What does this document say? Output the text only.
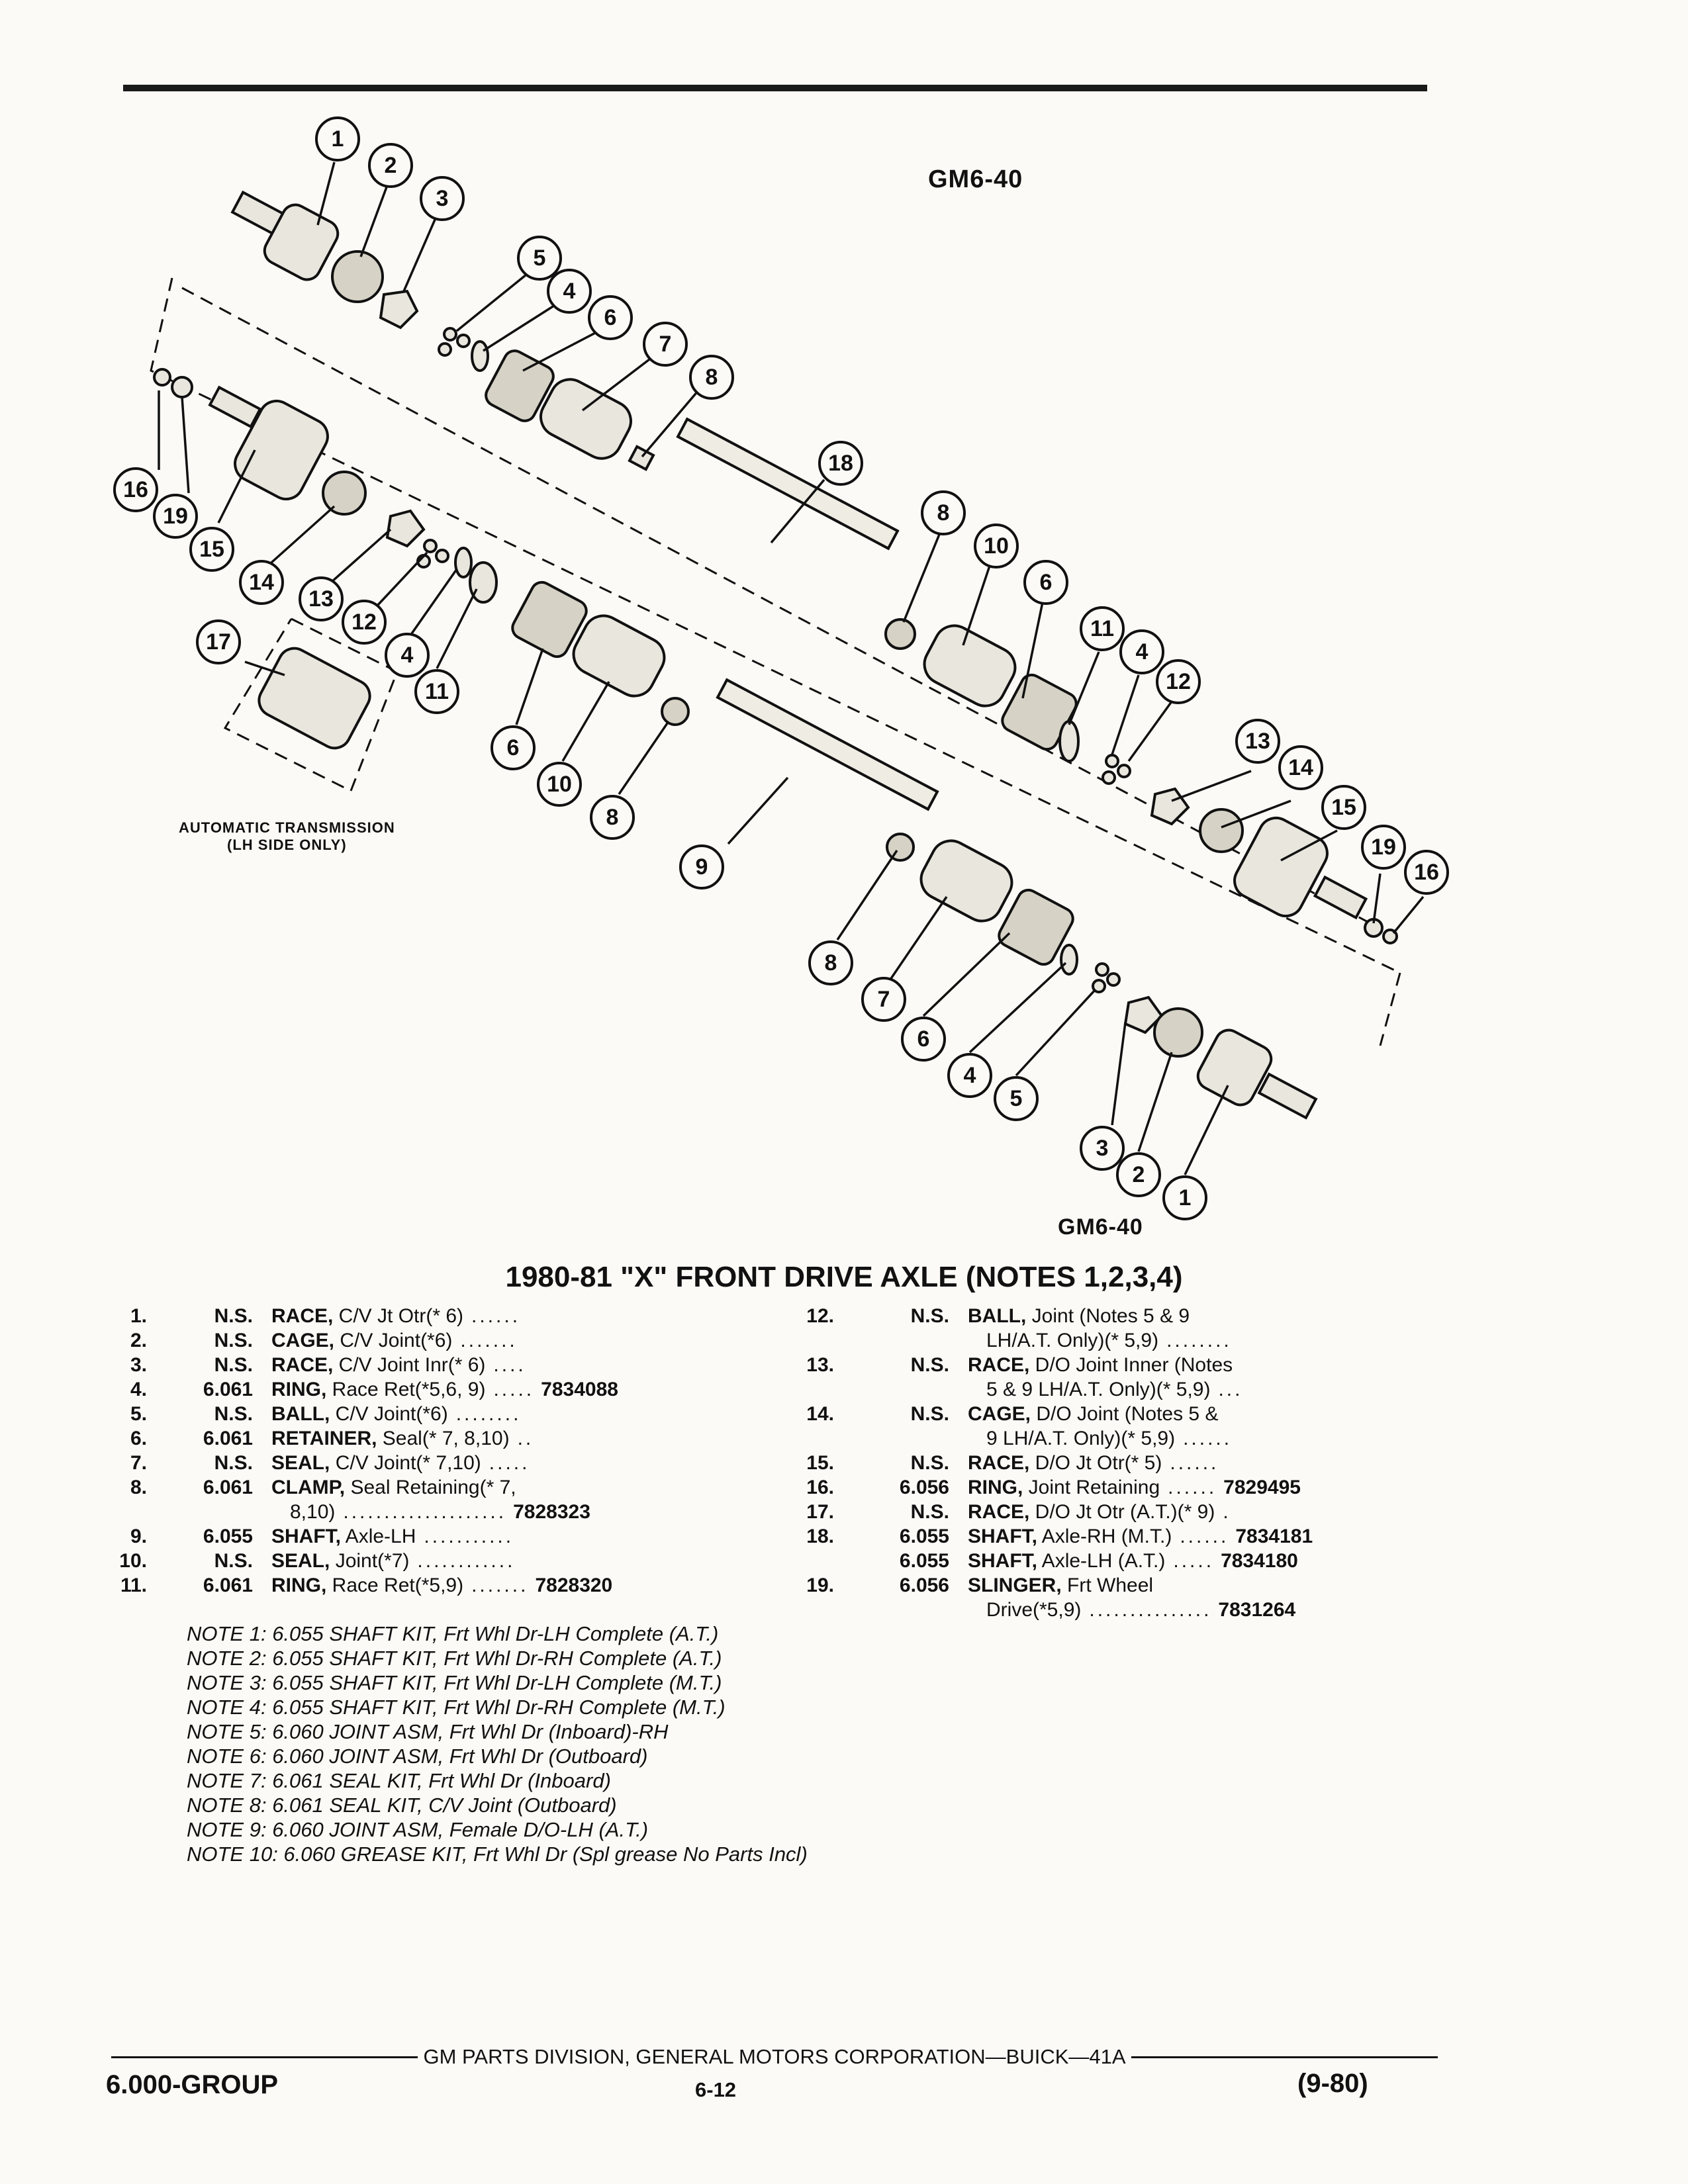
GM6-40
GM6-40
1
2
3
5
4
6
7
8
18
16
19
15
14
13
12
4
11
17
6
10
8
9
8
10
6
11
4
12
13
14
15
19
16
8
7
6
4
5
3
2
1
AUTOMATIC TRANSMISSION
(LH SIDE ONLY)
1980-81 "X" FRONT DRIVE AXLE (NOTES 1,2,3,4)
1.	N.S. RACE, C/V Jt Otr(* 6) ......
2.	N.S. CAGE, C/V Joint(*6) .......
3.	N.S. RACE, C/V Joint Inr(* 6) ....
4.	6.061 RING, Race Ret(*5,6, 9) ..... 7834088
5.	N.S. BALL, C/V Joint(*6) ........
6.	6.061 RETAINER, Seal(* 7, 8,10) ..
7.	N.S. SEAL, C/V Joint(* 7,10) .....
8.	6.061 CLAMP, Seal Retaining(* 7,
8,10) .................... 7828323
9.	6.055 SHAFT, Axle-LH ...........
10.	N.S. SEAL, Joint(*7) ............
11.	6.061 RING, Race Ret(*5,9) ....... 7828320
12.	N.S. BALL, Joint (Notes 5 & 9
LH/A.T. Only)(* 5,9) ........
13.	N.S. RACE, D/O Joint Inner (Notes
5 & 9 LH/A.T. Only)(* 5,9) ...
14.	N.S. CAGE, D/O Joint (Notes 5 &
9 LH/A.T. Only)(* 5,9) ......
15.	N.S. RACE, D/O Jt Otr(* 5) ......
16.	6.056 RING, Joint Retaining ...... 7829495
17.	N.S. RACE, D/O Jt Otr (A.T.)(* 9) .
18.	6.055 SHAFT, Axle-RH (M.T.) ...... 7834181
6.055 SHAFT, Axle-LH (A.T.) ..... 7834180
19.	6.056 SLINGER, Frt Wheel
Drive(*5,9) ............... 7831264
NOTE 1: 6.055 SHAFT KIT, Frt Whl Dr-LH Complete (A.T.)
NOTE 2: 6.055 SHAFT KIT, Frt Whl Dr-RH Complete (A.T.)
NOTE 3: 6.055 SHAFT KIT, Frt Whl Dr-LH Complete (M.T.)
NOTE 4: 6.055 SHAFT KIT, Frt Whl Dr-RH Complete (M.T.)
NOTE 5: 6.060 JOINT ASM, Frt Whl Dr (Inboard)-RH
NOTE 6: 6.060 JOINT ASM, Frt Whl Dr (Outboard)
NOTE 7: 6.061 SEAL KIT, Frt Whl Dr (Inboard)
NOTE 8: 6.061 SEAL KIT, C/V Joint (Outboard)
NOTE 9: 6.060 JOINT ASM, Female D/O-LH (A.T.)
NOTE 10: 6.060 GREASE KIT, Frt Whl Dr (Spl grease No Parts Incl)
GM PARTS DIVISION, GENERAL MOTORS CORPORATION—BUICK—41A
6.000-GROUP	6-12	(9-80)
